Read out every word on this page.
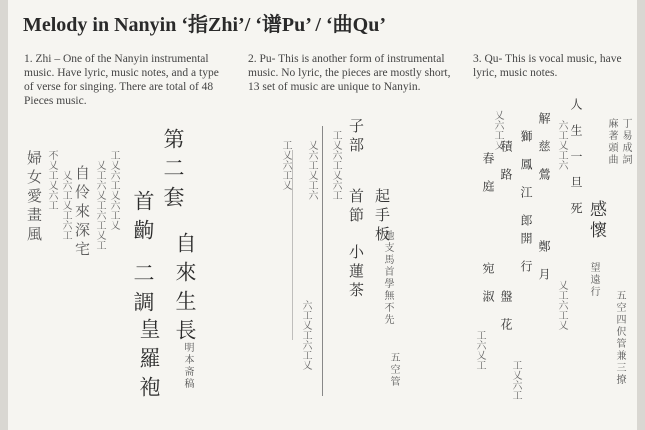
Melody in Nanyin ‘指Zhi’/ ‘谱Pu’ / ‘曲Qu’
1. Zhi – One of the Nanyin instrumental music. Have lyric, music notes, and a type of verse for singing. There are total of 48 Pieces music.
2. Pu- This is another form of instrumental music. No lyric, the pieces are mostly short, 13 set of music are unique to Nanyin.
3. Qu- This is vocal music, have lyric, music notes.
第二套
首齣
二調 自來生長
皇羅袍	明本斋稿
工乂六工乂六工乂
乂工六乂工六工乂工
自伶來深宅
乂六工乂工六工
不乂工乂六工
婦女愛畫風
子部
起手板
首節
小蓮茶
五空管
地支馬首學無不先
工乂六工乂六工
乂六工乂工六
工乂六工乂
六工乂工六工乂
丁易成詞
麻著頭曲
感懷
望遠行
五空四伬管兼三撩
人生一旦死
解慈鶯
獅鳳江郎
積路
開行 鄭月
春庭
宛淑 盤花
六工乂工六
乂工六工乂
工乂六工
乂六工乂
工六乂工
